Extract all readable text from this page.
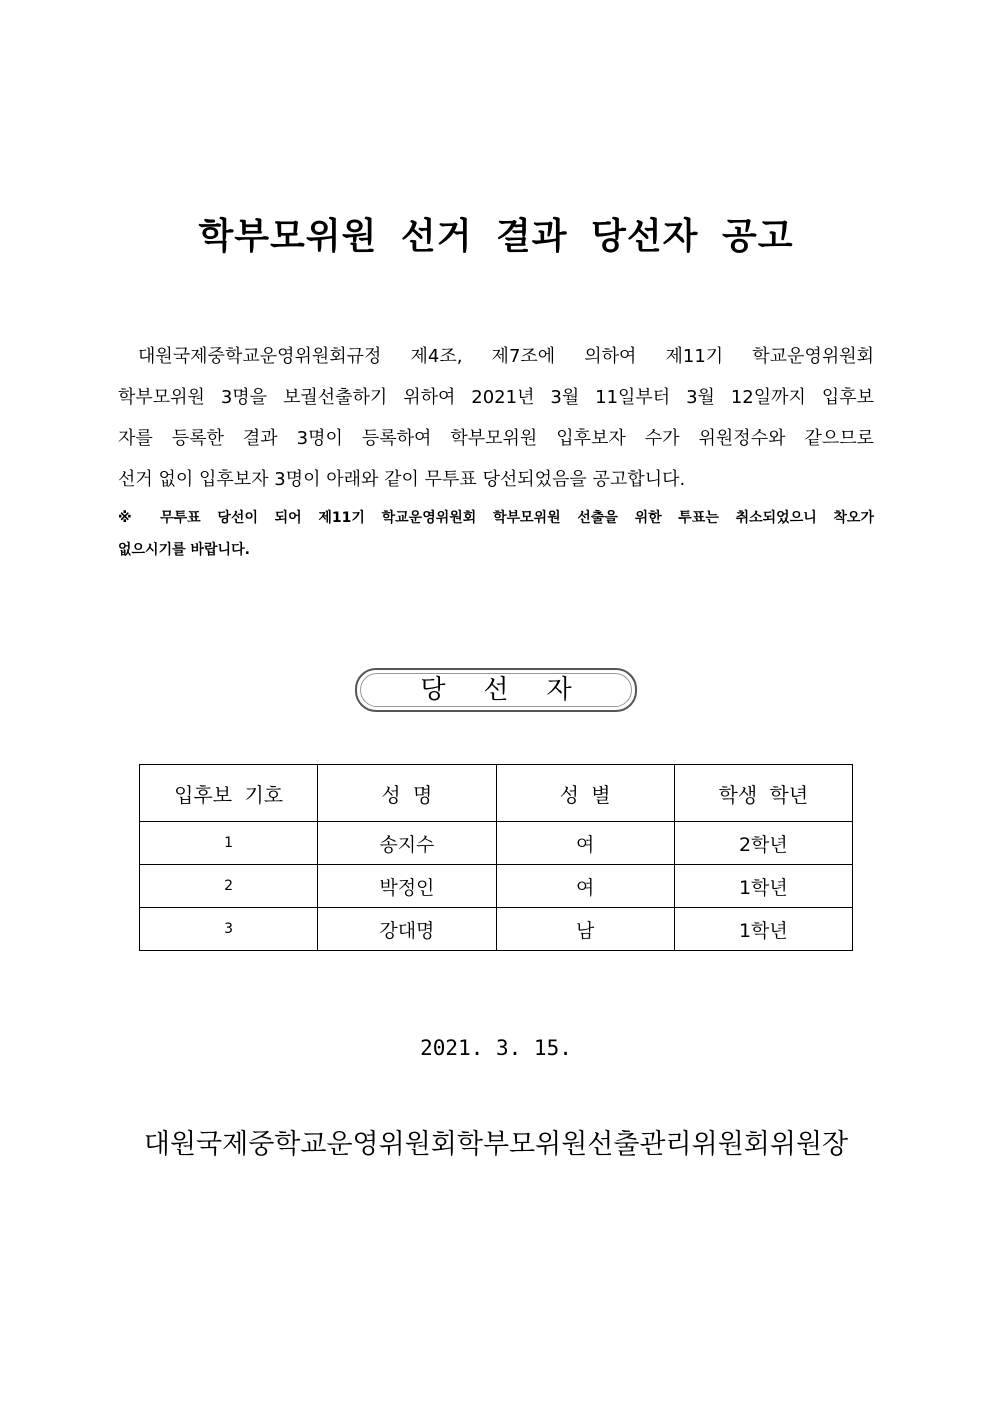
학부모위원 선거 결과 당선자 공고
대원국제중학교운영위원회규정 제4조, 제7조에 의하여 제11기 학교운영위원회
학부모위원 3명을 보궐선출하기 위하여 2021년 3월 11일부터 3월 12일까지 입후보
자를 등록한 결과 3명이 등록하여 학부모위원 입후보자 수가 위원정수와 같으므로
선거 없이 입후보자 3명이 아래와 같이 무투표 당선되었음을 공고합니다.
※ 무투표 당선이 되어 제11기 학교운영위원회 학부모위원 선출을 위한 투표는 취소되었으니 착오가
없으시기를 바랍니다.
당선자
입후보 기호	성 명	성 별	학생 학년
1	송지수	여	2학년
2	박정인	여	1학년
3	강대명	남	1학년
2021. 3. 15.
대원국제중학교운영위원회학부모위원선출관리위원회위원장
